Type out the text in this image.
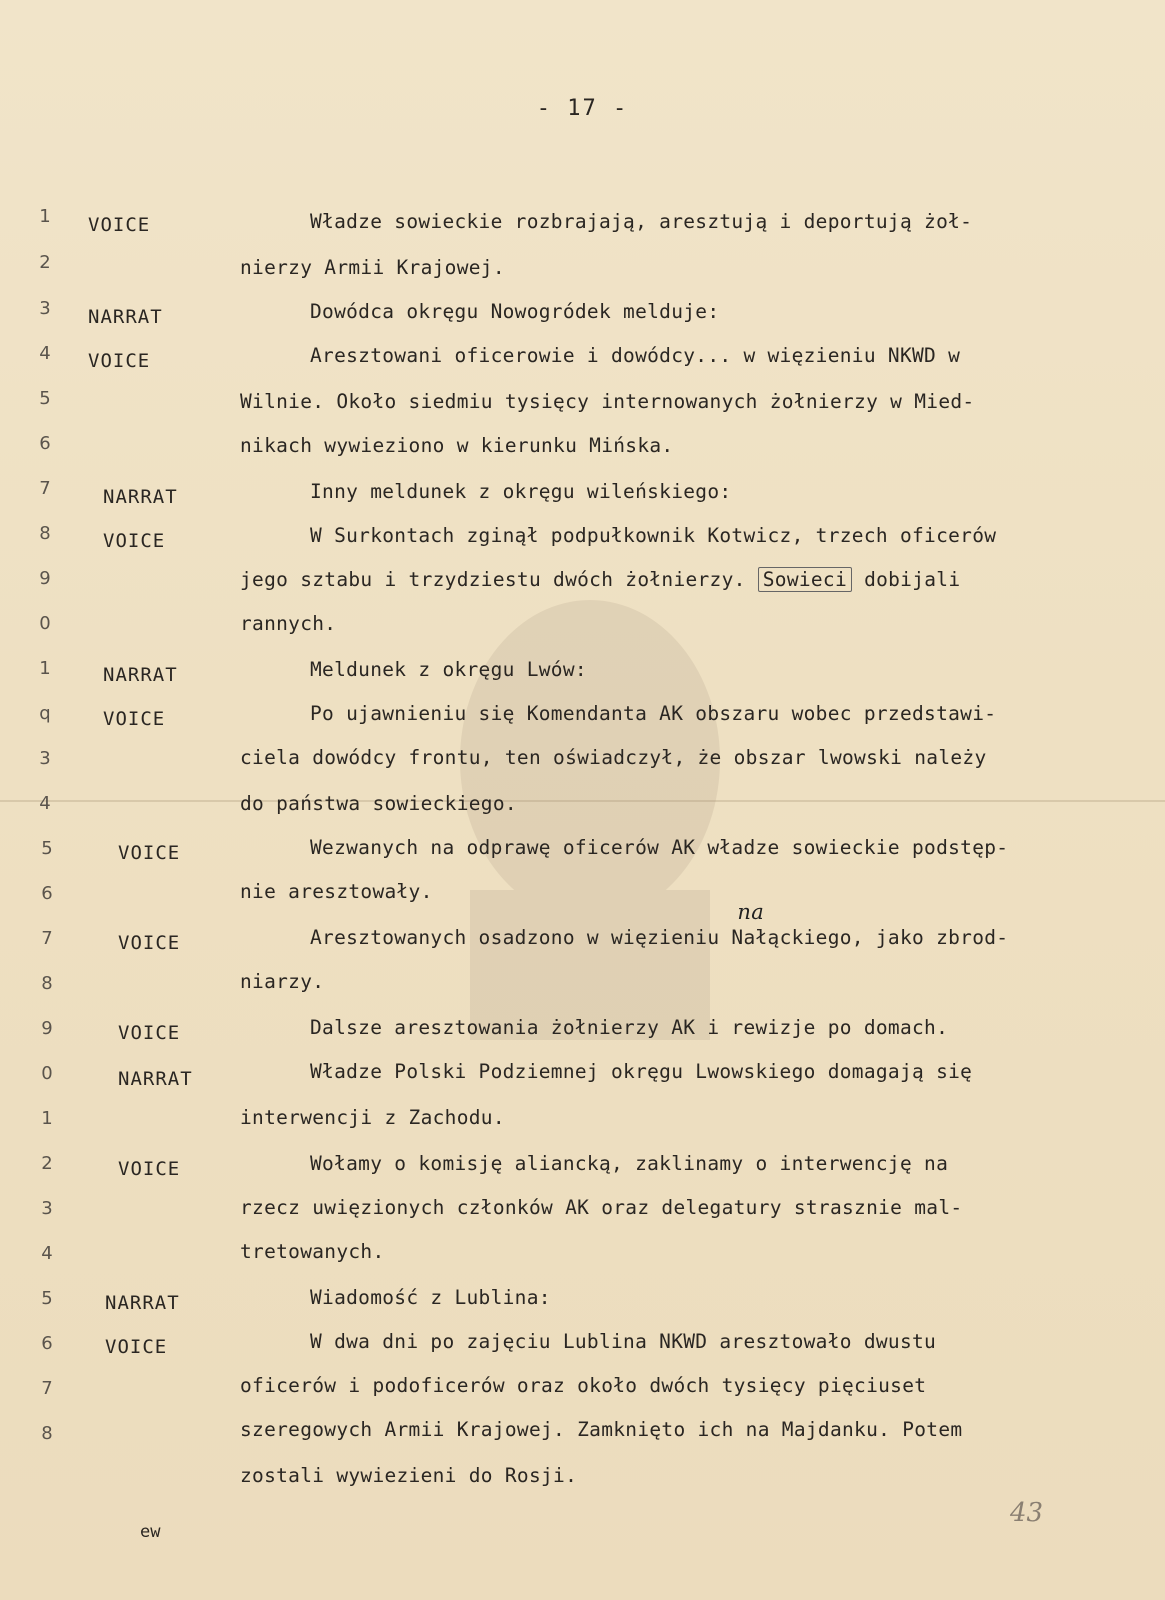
- 17 -
1
2
3
4
5
6
7
8
9
0
1
q
3
4
5
6
7
8
9
0
1
2
3
4
5
6
7
8
VOICE
NARRAT
VOICE
NARRAT
VOICE
NARRAT
VOICE
VOICE
VOICE
VOICE
NARRAT
VOICE
NARRAT
VOICE
Władze sowieckie rozbrajają, aresztują i deportują żoł-
nierzy Armii Krajowej.
Dowódca okręgu Nowogródek melduje:
Aresztowani oficerowie i dowódcy... w więzieniu NKWD w
Wilnie. Około siedmiu tysięcy internowanych żołnierzy w Mied-
nikach wywieziono w kierunku Mińska.
Inny meldunek z okręgu wileńskiego:
W Surkontach zginął podpułkownik Kotwicz, trzech oficerów
jego sztabu i trzydziestu dwóch żołnierzy. Sowieci dobijali
rannych.
Meldunek z okręgu Lwów:
Po ujawnieniu się Komendanta AK obszaru wobec przedstawi-
ciela dowódcy frontu, ten oświadczył, że obszar lwowski należy
do państwa sowieckiego.
Wezwanych na odprawę oficerów AK władze sowieckie podstęp-
nie aresztowały.
Aresztowanych osadzono w więzieniu
na
Nałąckiego, jako zbrod-
niarzy.
Dalsze aresztowania żołnierzy AK i rewizje po domach.
Władze Polski Podziemnej okręgu Lwowskiego domagają się
interwencji z Zachodu.
Wołamy o komisję aliancką, zaklinamy o interwencję na
rzecz uwięzionych członków AK oraz delegatury strasznie mal-
tretowanych.
Wiadomość z Lublina:
W dwa dni po zajęciu Lublina NKWD aresztowało dwustu
oficerów i podoficerów oraz około dwóch tysięcy pięciuset
szeregowych Armii Krajowej. Zamknięto ich na Majdanku. Potem
zostali wywiezieni do Rosji.
ew
43
